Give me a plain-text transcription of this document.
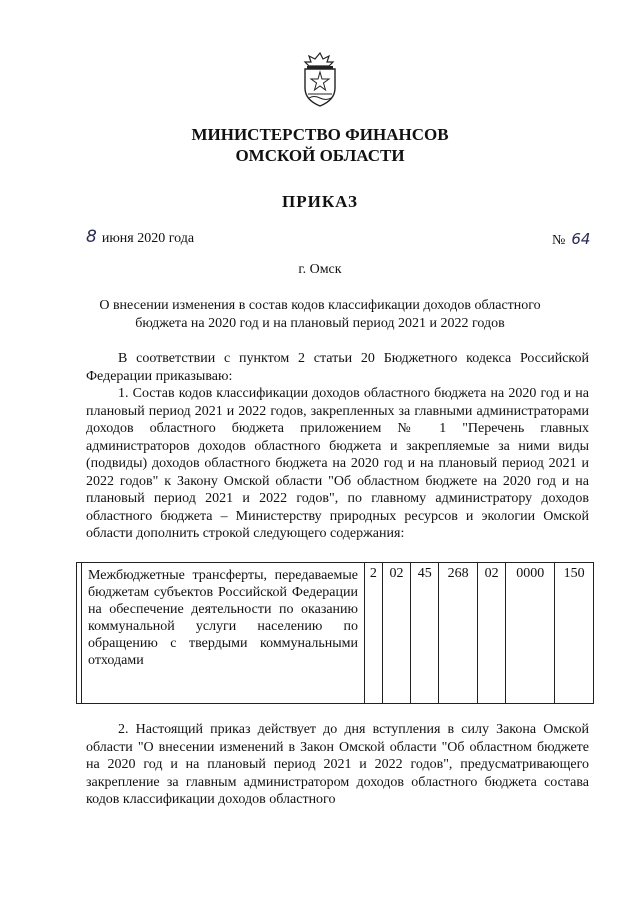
МИНИСТЕРСТВО ФИНАНСОВ
ОМСКОЙ ОБЛАСТИ
ПРИКАЗ
8 июня 2020 года	№ 64
г. Омск
О внесении изменения в состав кодов классификации доходов областного бюджета на 2020 год и на плановый период 2021 и 2022 годов

В соответствии с пунктом 2 статьи 20 Бюджетного кодекса Российской Федерации приказываю:

1. Состав кодов классификации доходов областного бюджета на 2020 год и на плановый период 2021 и 2022 годов, закрепленных за главными администраторами доходов областного бюджета приложением № 1 "Перечень главных администраторов доходов областного бюджета и закрепляемые за ними виды (подвиды) доходов областного бюджета на 2020 год и на плановый период 2021 и 2022 годов" к Закону Омской области "Об областном бюджете на 2020 год и на плановый период 2021 и 2022 годов", по главному администратору доходов областного бюджета – Министерству природных ресурсов и экологии Омской области дополнить строкой следующего содержания:

	Межбюджетные трансферты, передаваемые бюджетам субъектов Российской Федерации на обеспечение деятельности по оказанию коммунальной услуги населению по обращению с твердыми коммунальными отходами	2	02	45	268	02	0000	150

2. Настоящий приказ действует до дня вступления в силу Закона Омской области "О внесении изменений в Закон Омской области "Об областном бюджете на 2020 год и на плановый период 2021 и 2022 годов", предусматривающего закрепление за главным администратором доходов областного бюджета состава кодов классификации доходов областного
